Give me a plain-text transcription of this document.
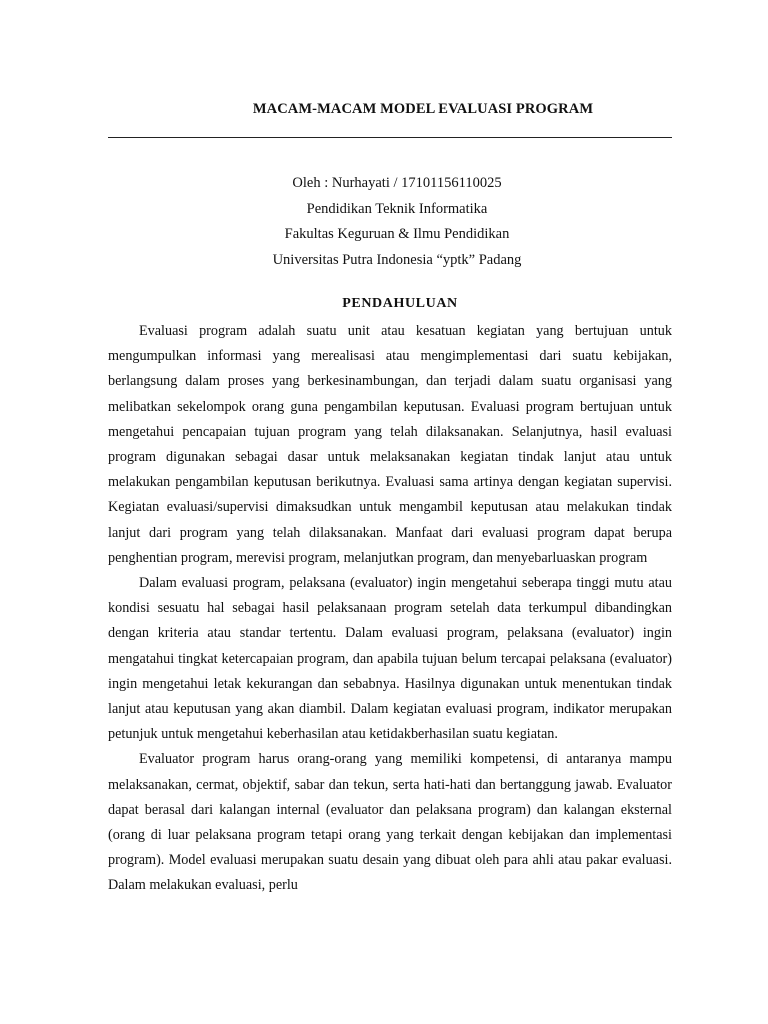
MACAM-MACAM MODEL EVALUASI PROGRAM
Oleh : Nurhayati / 17101156110025
Pendidikan Teknik Informatika
Fakultas Keguruan & Ilmu Pendidikan
Universitas Putra Indonesia “yptk” Padang
PENDAHULUAN

Evaluasi program adalah suatu unit atau kesatuan kegiatan yang bertujuan untuk mengumpulkan informasi yang merealisasi atau mengimplementasi dari suatu kebijakan, berlangsung dalam proses yang berkesinambungan, dan terjadi dalam suatu organisasi yang melibatkan sekelompok orang guna pengambilan keputusan. Evaluasi program bertujuan untuk mengetahui pencapaian tujuan program yang telah dilaksanakan. Selanjutnya, hasil evaluasi program digunakan sebagai dasar untuk melaksanakan kegiatan tindak lanjut atau untuk melakukan pengambilan keputusan berikutnya. Evaluasi sama artinya dengan kegiatan supervisi. Kegiatan evaluasi/supervisi dimaksudkan untuk mengambil keputusan atau melakukan tindak lanjut dari program yang telah dilaksanakan. Manfaat dari evaluasi program dapat berupa penghentian program, merevisi program, melanjutkan program, dan menyebarluaskan program

Dalam evaluasi program, pelaksana (evaluator) ingin mengetahui seberapa tinggi mutu atau kondisi sesuatu hal sebagai hasil pelaksanaan program setelah data terkumpul dibandingkan dengan kriteria atau standar tertentu. Dalam evaluasi program, pelaksana (evaluator) ingin mengatahui tingkat ketercapaian program, dan apabila tujuan belum tercapai pelaksana (evaluator) ingin mengetahui letak kekurangan dan sebabnya. Hasilnya digunakan untuk menentukan tindak lanjut atau keputusan yang akan diambil. Dalam kegiatan evaluasi program, indikator merupakan petunjuk untuk mengetahui keberhasilan atau ketidakberhasilan suatu kegiatan.

Evaluator program harus orang-orang yang memiliki kompetensi, di antaranya mampu melaksanakan, cermat, objektif, sabar dan tekun, serta hati-hati dan bertanggung jawab. Evaluator dapat berasal dari kalangan internal (evaluator dan pelaksana program) dan kalangan eksternal (orang di luar pelaksana program tetapi orang yang terkait dengan kebijakan dan implementasi program). Model evaluasi merupakan suatu desain yang dibuat oleh para ahli atau pakar evaluasi. Dalam melakukan evaluasi, perlu
